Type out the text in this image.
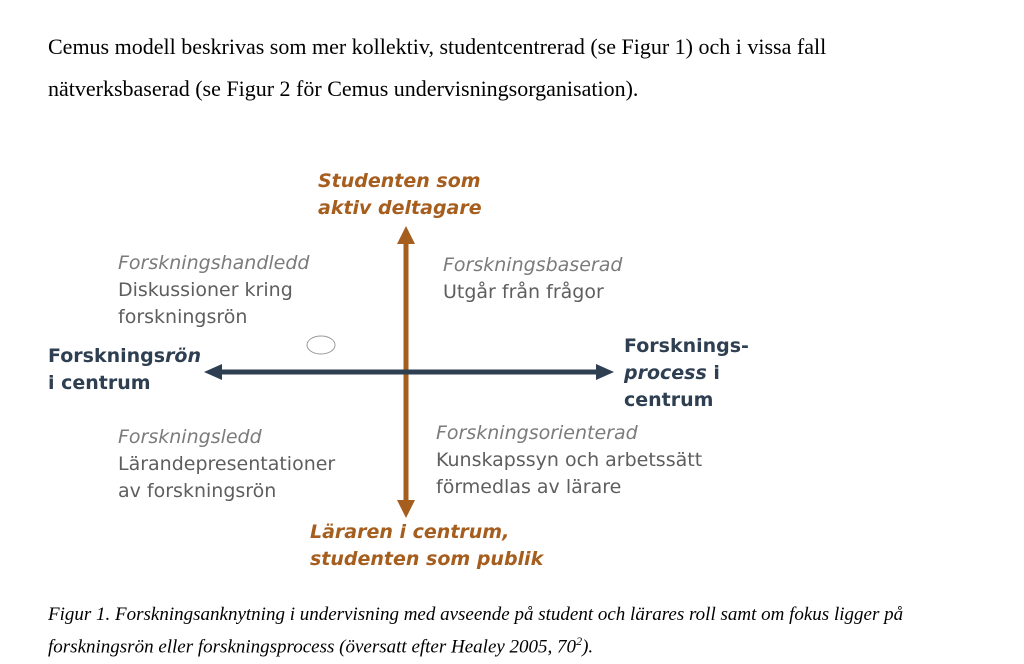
Cemus modell beskrivas som mer kollektiv, studentcentrerad (se Figur 1) och i vissa fall

nätverksbaserad (se Figur 2 för Cemus undervisningsorganisation).

Studenten som
aktiv deltagare
Forskningshandledd
Diskussioner kring
forskningsrön
Forskningsbaserad
Utgår från frågor
Forskningsrön
i centrum
Forsknings-
process i
centrum
Forskningsledd
Lärandepresentationer
av forskningsrön
Forskningsorienterad
Kunskapssyn och arbetssätt
förmedlas av lärare
Läraren i centrum,
studenten som publik
Figur 1. Forskningsanknytning i undervisning med avseende på student och lärares roll samt om fokus ligger på forskningsrön eller forskningsprocess (översatt efter Healey 2005, $70^2$).
